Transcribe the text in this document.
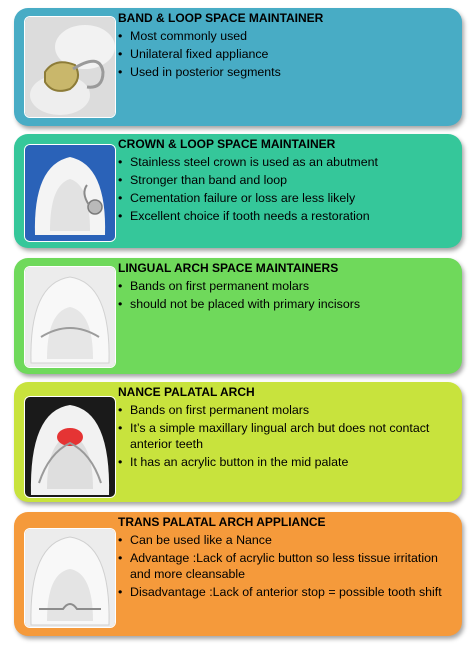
BAND & LOOP SPACE MAINTAINER
• Most commonly used
• Unilateral fixed appliance
• Used in posterior segments
CROWN & LOOP SPACE MAINTAINER
• Stainless steel crown is used as an abutment
• Stronger than band and loop
• Cementation failure or loss are less likely
• Excellent choice if tooth needs a restoration
LINGUAL ARCH SPACE MAINTAINERS
• Bands on first permanent molars
• should not be placed with primary incisors
NANCE PALATAL ARCH
• Bands on first permanent molars
• It’s a simple maxillary lingual arch but does not contact anterior teeth
• It has an acrylic button in the mid palate
TRANS PALATAL ARCH APPLIANCE
• Can be used like a Nance
• Advantage :Lack of acrylic button so less tissue irritation and more cleansable
• Disadvantage :Lack of anterior stop = possible tooth shift
